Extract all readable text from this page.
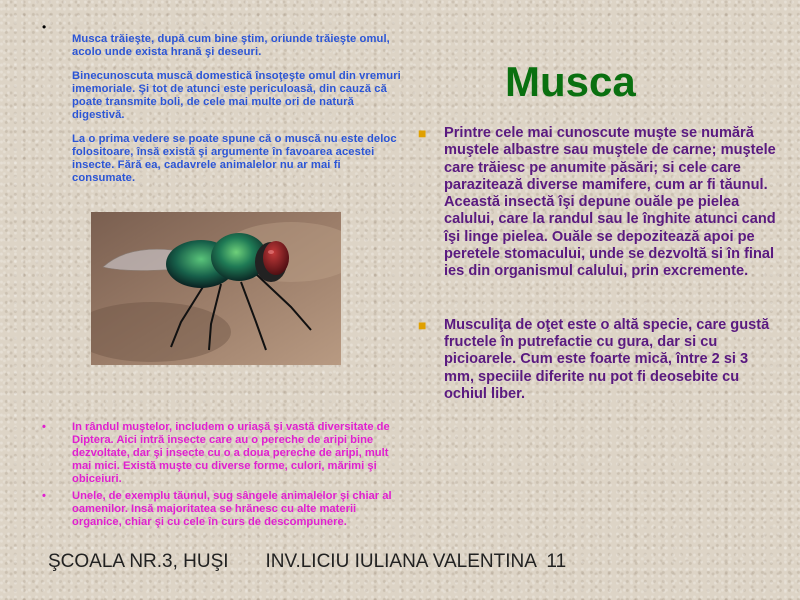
•

Musca trăieşte, după cum bine ştim, oriunde trăieşte omul, acolo unde exista hrană şi deseuri.

Binecunoscuta muscă domestică însoţeşte omul din vremuri imemoriale. Şi tot de atunci este periculoasă, din cauză că poate transmite boli, de cele mai multe ori de natură digestivă.

La o prima vedere se poate spune că o muscă nu este deloc folositoare, însă există şi argumente în favoarea acestei insecte. Fără ea, cadavrele animalelor nu ar mai fi consumate.

• In rândul muştelor, includem o uriaşă şi vastă diversitate de Diptera. Aici intră insecte care au o pereche de aripi bine dezvoltate, dar şi insecte cu o a doua pereche de aripi, mult mai mici. Există muşte cu diverse forme, culori, mărimi şi obiceiuri.
• Unele, de exemplu tăunul, sug sângele animalelor şi chiar al oamenilor. Insă majoritatea se hrănesc cu alte materii organice, chiar şi cu cele în curs de descompunere.
Musca
■ Printre cele mai cunoscute muşte se numără muştele albastre sau muştele de carne; muştele care trăiesc pe anumite păsări; si cele care parazitează diverse mamifere, cum ar fi tăunul. Această insectă îşi depune ouăle pe pielea calului, care la randul sau le înghite atunci cand îşi linge pielea. Ouăle se depozitează apoi pe peretele stomacului, unde se dezvoltă si în final ies din organismul calului, prin excremente.
■ Musculiţa de oţet este o altă specie, care gustă fructele în putrefactie cu gura, dar si cu picioarele. Cum este foarte mică, între 2 si 3 mm, speciile diferite nu pot fi deosebite cu ochiul liber.
ŞCOALA NR.3, HUŞI INV.LICIU IULIANA VALENTINA 11
